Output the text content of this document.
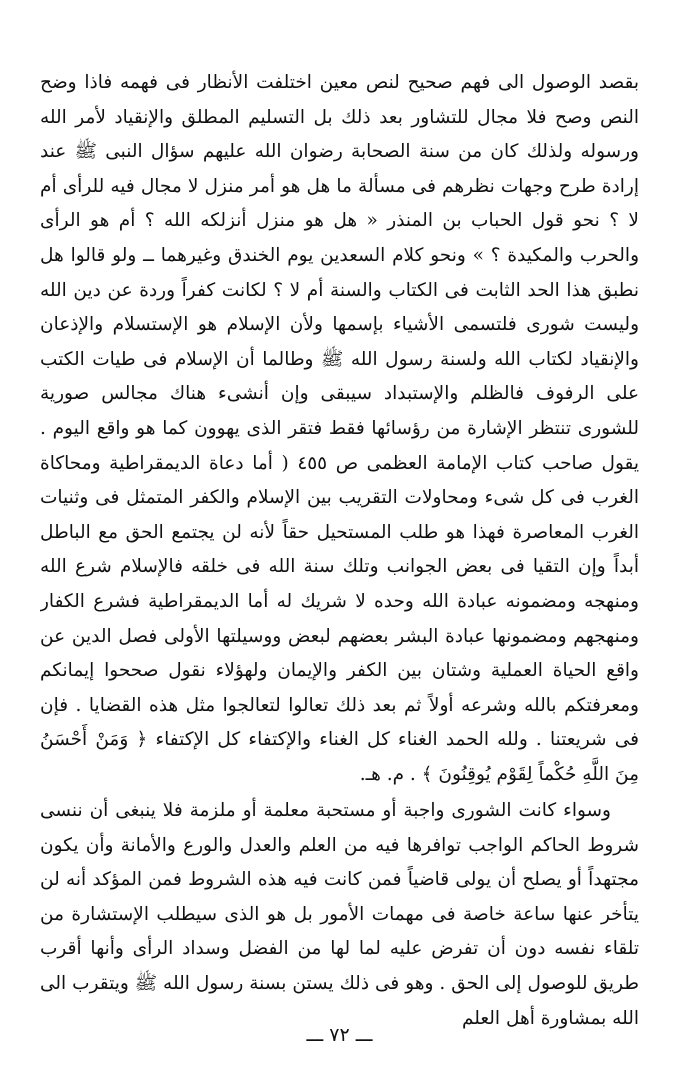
بقصد الوصول الى فهم صحيح لنص معين اختلفت الأنظار فى فهمه فاذا وضح النص وصح فلا مجال للتشاور بعد ذلك بل التسليم المطلق والإنقياد لأمر الله ورسوله ولذلك كان من سنة الصحابة رضوان الله عليهم سؤال النبى ﷺ عند إرادة طرح وجهات نظرهم فى مسألة ما هل هو أمر منزل لا مجال فيه للرأى أم لا ؟ نحو قول الحباب بن المنذر « هل هو منزل أنزلكه الله ؟ أم هو الرأى والحرب والمكيدة ؟ » ونحو كلام السعدين يوم الخندق وغيرهما ــ ولو قالوا هل نطبق هذا الحد الثابت فى الكتاب والسنة أم لا ؟ لكانت كفراً وردة عن دين الله وليست شورى فلتسمى الأشياء بإسمها ولأن الإسلام هو الإستسلام والإذعان والإنقياد لكتاب الله ولسنة رسول الله ﷺ وطالما أن الإسلام فى طيات الكتب على الرفوف فالظلم والإستبداد سيبقى وإن أنشىء هناك مجالس صورية للشورى تنتظر الإشارة من رؤسائها فقط فتقر الذى يهوون كما هو واقع اليوم . يقول صاحب كتاب الإمامة العظمى ص ٤٥٥ ( أما دعاة الديمقراطية ومحاكاة الغرب فى كل شىء ومحاولات التقريب بين الإسلام والكفر المتمثل فى وثنيات الغرب المعاصرة فهذا هو طلب المستحيل حقاً لأنه لن يجتمع الحق مع الباطل أبداً وإن التقيا فى بعض الجوانب وتلك سنة الله فى خلقه فالإسلام شرع الله ومنهجه ومضمونه عبادة الله وحده لا شريك له أما الديمقراطية فشرع الكفار ومنهجهم ومضمونها عبادة البشر بعضهم لبعض ووسيلتها الأولى فصل الدين عن واقع الحياة العملية وشتان بين الكفر والإيمان ولهؤلاء نقول صححوا إيمانكم ومعرفتكم بالله وشرعه أولاً ثم بعد ذلك تعالوا لتعالجوا مثل هذه القضايا . فإن فى شريعتنا . ولله الحمد الغناء كل الغناء والإكتفاء كل الإكتفاء ﴿ وَمَنْ أَحْسَنُ مِنَ اللَّهِ حُكْماً لِقَوْمٍ يُوقِنُونَ ﴾ . م. هـ.

وسواء كانت الشورى واجبة أو مستحبة معلمة أو ملزمة فلا ينبغى أن ننسى شروط الحاكم الواجب توافرها فيه من العلم والعدل والورع والأمانة وأن يكون مجتهداً أو يصلح أن يولى قاضياً فمن كانت فيه هذه الشروط فمن المؤكد أنه لن يتأخر عنها ساعة خاصة فى مهمات الأمور بل هو الذى سيطلب الإستشارة من تلقاء نفسه دون أن تفرض عليه لما لها من الفضل وسداد الرأى وأنها أقرب طريق للوصول إلى الحق . وهو فى ذلك يستن بسنة رسول الله ﷺ ويتقرب الى الله بمشاورة أهل العلم

ـــ ٧٢ ـــ
